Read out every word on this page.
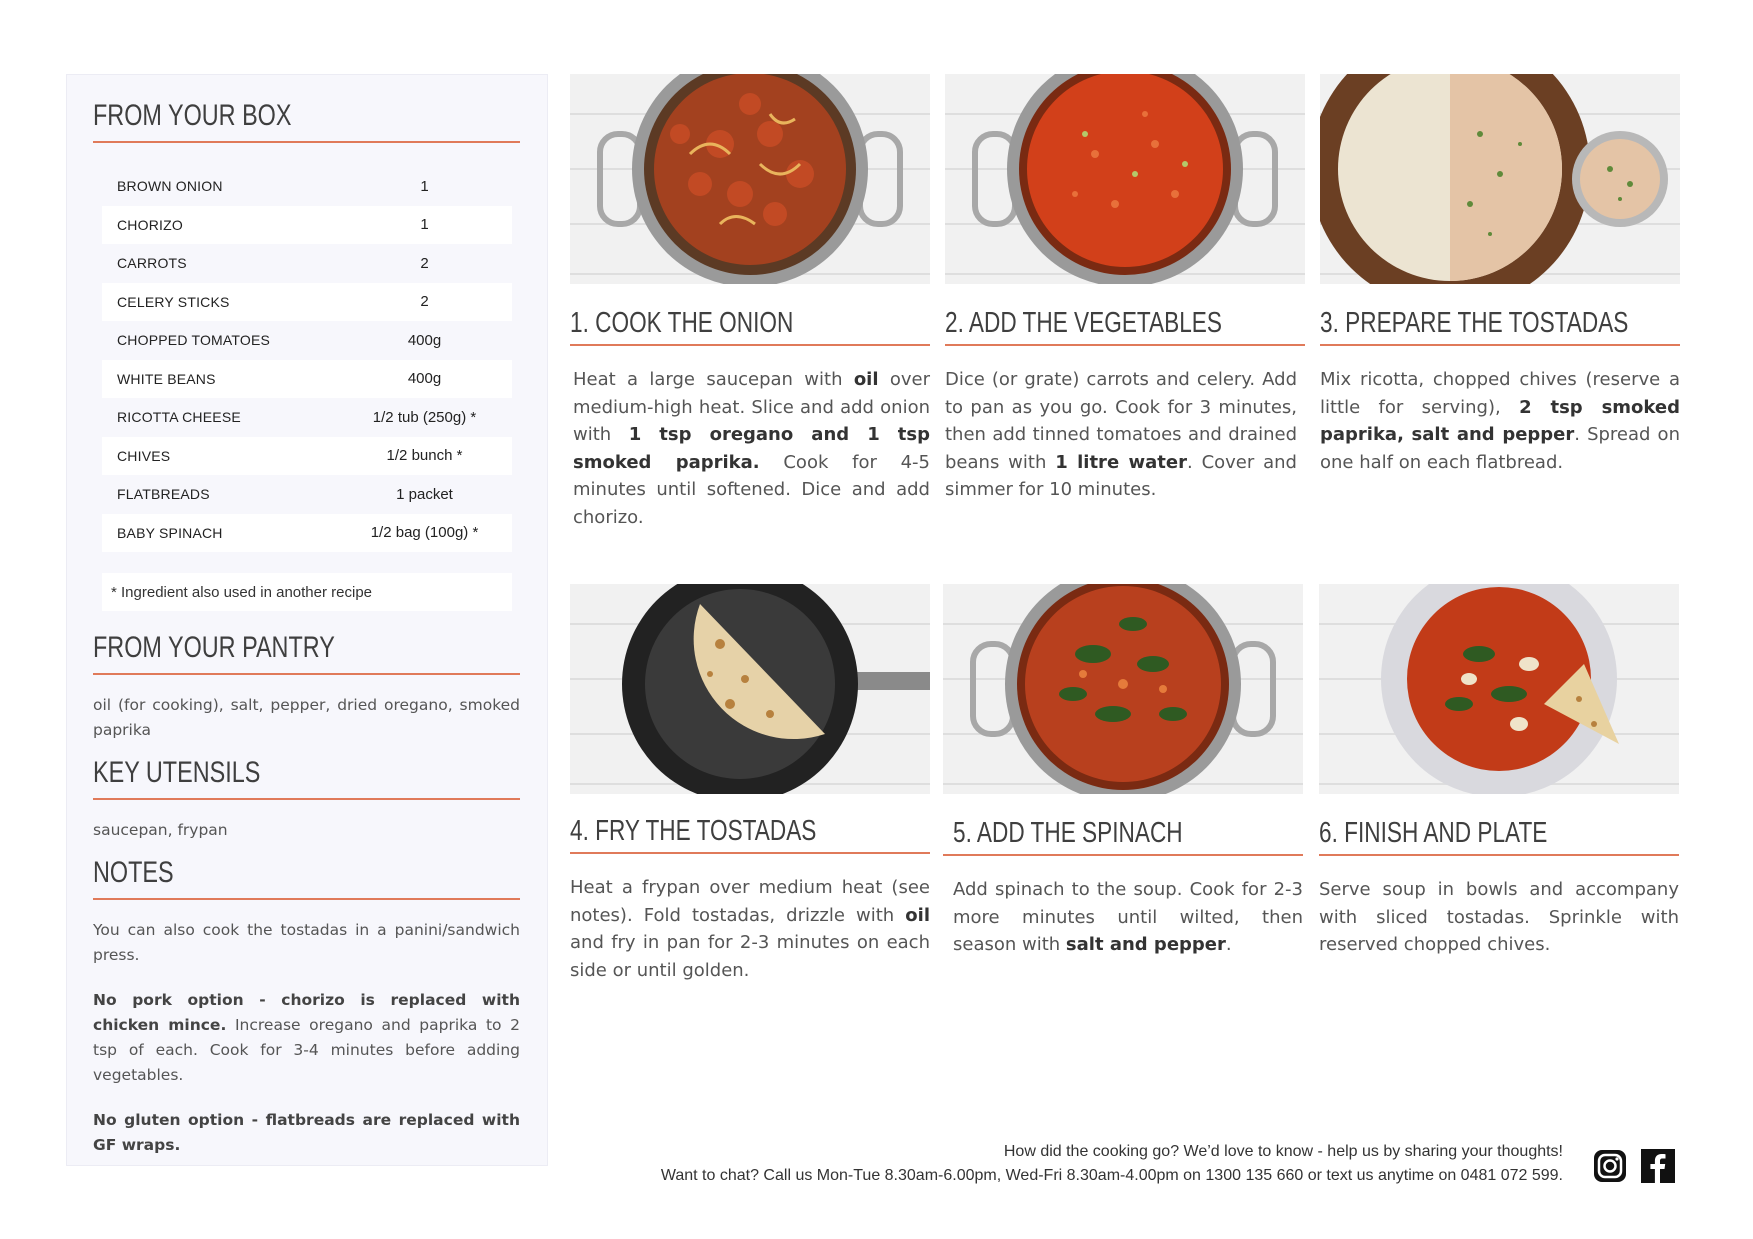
FROM YOUR BOX
BROWN ONION	1
CHORIZO	1
CARROTS	2
CELERY STICKS	2
CHOPPED TOMATOES	400g
WHITE BEANS	400g
RICOTTA CHEESE	1/2 tub (250g) *
CHIVES	1/2 bunch *
FLATBREADS	1 packet
BABY SPINACH	1/2 bag (100g) *
* Ingredient also used in another recipe
FROM YOUR PANTRY

oil (for cooking), salt, pepper, dried oregano, smoked paprika

KEY UTENSILS

saucepan, frypan

NOTES

You can also cook the tostadas in a panini/sandwich press.

No pork option - chorizo is replaced with chicken mince. Increase oregano and paprika to 2 tsp of each. Cook for 3-4 minutes before adding vegetables.

No gluten option - flatbreads are replaced with GF wraps.

1. COOK THE ONION

Heat a large saucepan with oil over medium-high heat. Slice and add onion with 1 tsp oregano and 1 tsp smoked paprika. Cook for 4-5 minutes until softened. Dice and add chorizo.

2. ADD THE VEGETABLES

Dice (or grate) carrots and celery. Add to pan as you go. Cook for 3 minutes, then add tinned tomatoes and drained beans with 1 litre water. Cover and simmer for 10 minutes.

3. PREPARE THE TOSTADAS

Mix ricotta, chopped chives (reserve a little for serving), 2 tsp smoked paprika, salt and pepper. Spread on one half on each flatbread.

4. FRY THE TOSTADAS

Heat a frypan over medium heat (see notes). Fold tostadas, drizzle with oil and fry in pan for 2-3 minutes on each side or until golden.

5. ADD THE SPINACH

Add spinach to the soup. Cook for 2-3 more minutes until wilted, then season with salt and pepper.

6. FINISH AND PLATE

Serve soup in bowls and accompany with sliced tostadas. Sprinkle with reserved chopped chives.

How did the cooking go? We’d love to know - help us by sharing your thoughts!
Want to chat? Call us Mon-Tue 8.30am-6.00pm, Wed-Fri 8.30am-4.00pm on 1300 135 660 or text us anytime on 0481 072 599.
